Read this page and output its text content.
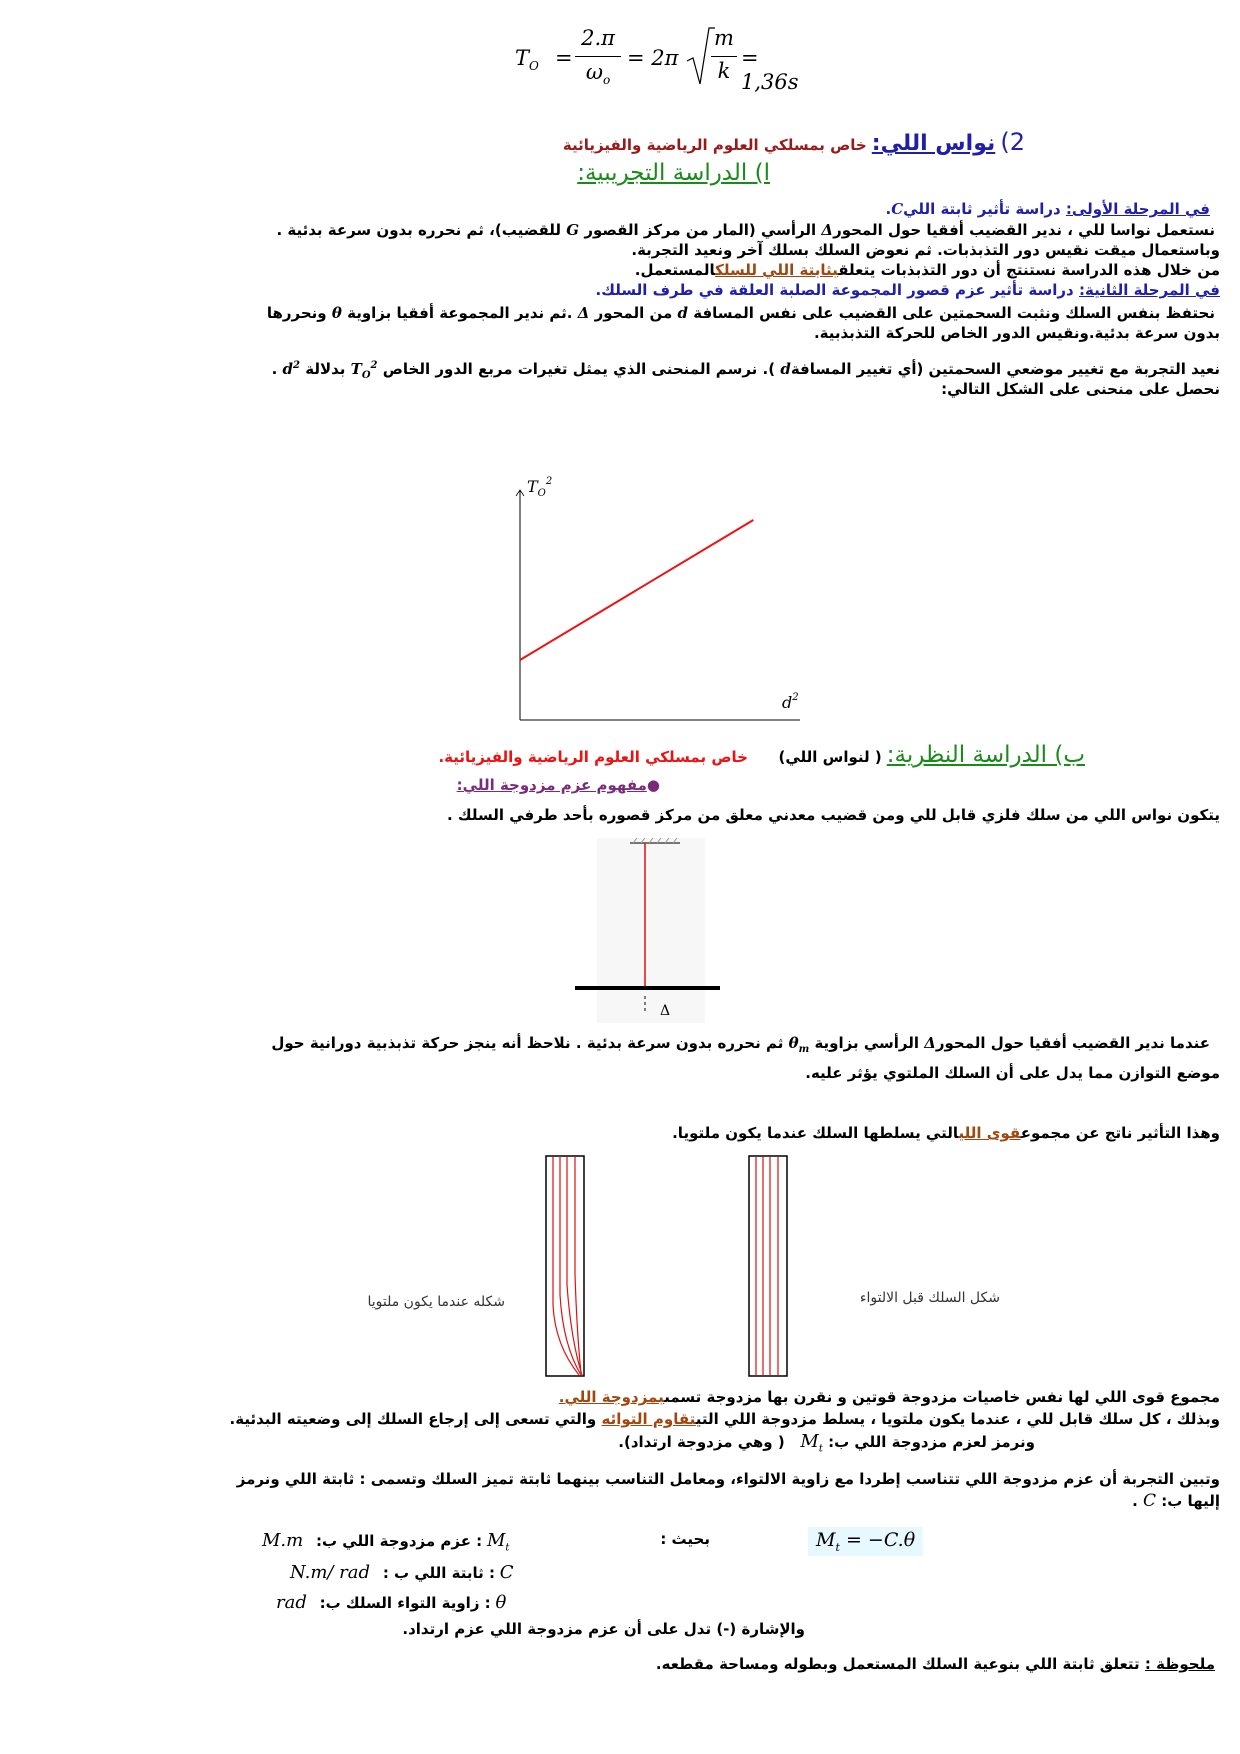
$T_O$ =
2.π
$\omega_o$
= 2π
m
k
= 1,36s
2) نواس اللي: خاص بمسلكي العلوم الرياضية والفيزيائية
ا) الدراسة التجريبية:
في المرحلة الأولى: دراسة تأثير ثابتة الليC.
نستعمل نواسا للي ، ندير القضيب أفقيا حول المحورΔ الرأسي (المار من مركز القصور G للقضيب)، ثم نحرره بدون سرعة بدئية .
وباستعمال ميقت نقيس دور التذبذبات. ثم نعوض السلك بسلك آخر ونعيد التجربة.
من خلال هذه الدراسة نستنتج أن دور التذبذبات يتعلقبثابتة اللي للسلكالمستعمل.
في المرحلة الثانية: دراسة تأثير عزم قصور المجموعة الصلبة العلقة في طرف السلك.
نحتفظ بنفس السلك ونثبت السحمتين على القضيب على نفس المسافة d من المحور Δ .ثم ندير المجموعة أفقيا بزاوية θ ونحررها
بدون سرعة بدئية.ونقيس الدور الخاص للحركة التذبذبية.
نعيد التجربة مع تغيير موضعي السحمتين (أي تغيير المسافةd ). نرسم المنحنى الذي يمثل تغيرات مربع الدور الخاص $T_O^2$ بدلالة $d^2$ .
نحصل على منحنى على الشكل التالي:
$T_O^2$
$d^2$
ب) الدراسة النظرية: ( لنواس اللي)      خاص بمسلكي العلوم الرياضية والفيزيائية.
●مفهوم عزم مزدوجة اللي:
يتكون نواس اللي من سلك فلزي قابل للي ومن قضيب معدني معلق من مركز قصوره بأحد طرفي السلك .
Δ
عندما ندير القضيب أفقيا حول المحورΔ الرأسي بزاوية $\theta_m$ ثم نحرره بدون سرعة بدئية . نلاحظ أنه ينجز حركة تذبذبية دورانية حول
موضع التوازن مما يدل على أن السلك الملتوي يؤثر عليه.
وهذا التأثير ناتج عن مجموعقوى الليالتي يسلطها السلك عندما يكون ملتويا.
شكله عندما يكون ملتويا	شكل السلك قبل الالتواء
مجموع قوى اللي لها نفس خاصيات مزدوجة قوتين و نقرن بها مزدوجة تسمىبمزدوجة اللي.
وبذلك ، كل سلك قابل للي ، عندما يكون ملتويا ، يسلط مزدوجة اللي التيتقاوم التوائه والتي تسعى إلى إرجاع السلك إلى وضعيته البدئية.
ونرمز لعزم مزدوجة اللي ب: $M_t$   ( وهي مزدوجة ارتداد).
وتبين التجربة أن عزم مزدوجة اللي تتناسب إطردا مع زاوية الالتواء، ومعامل التناسب بينهما ثابتة تميز السلك وتسمى : ثابتة اللي ونرمز
إليها ب: C .
$M_t = -C.\theta$
بحيث :
M.m : عزم مزدوجة اللي ب: $M_t$
N.m/ rad : ثابتة اللي ب : C
rad : زاوية التواء السلك ب: θ
والإشارة (-) تدل على أن عزم مزدوجة اللي عزم ارتداد.
ملحوظة : تتعلق ثابتة اللي بنوعية السلك المستعمل وبطوله ومساحة مقطعه.
